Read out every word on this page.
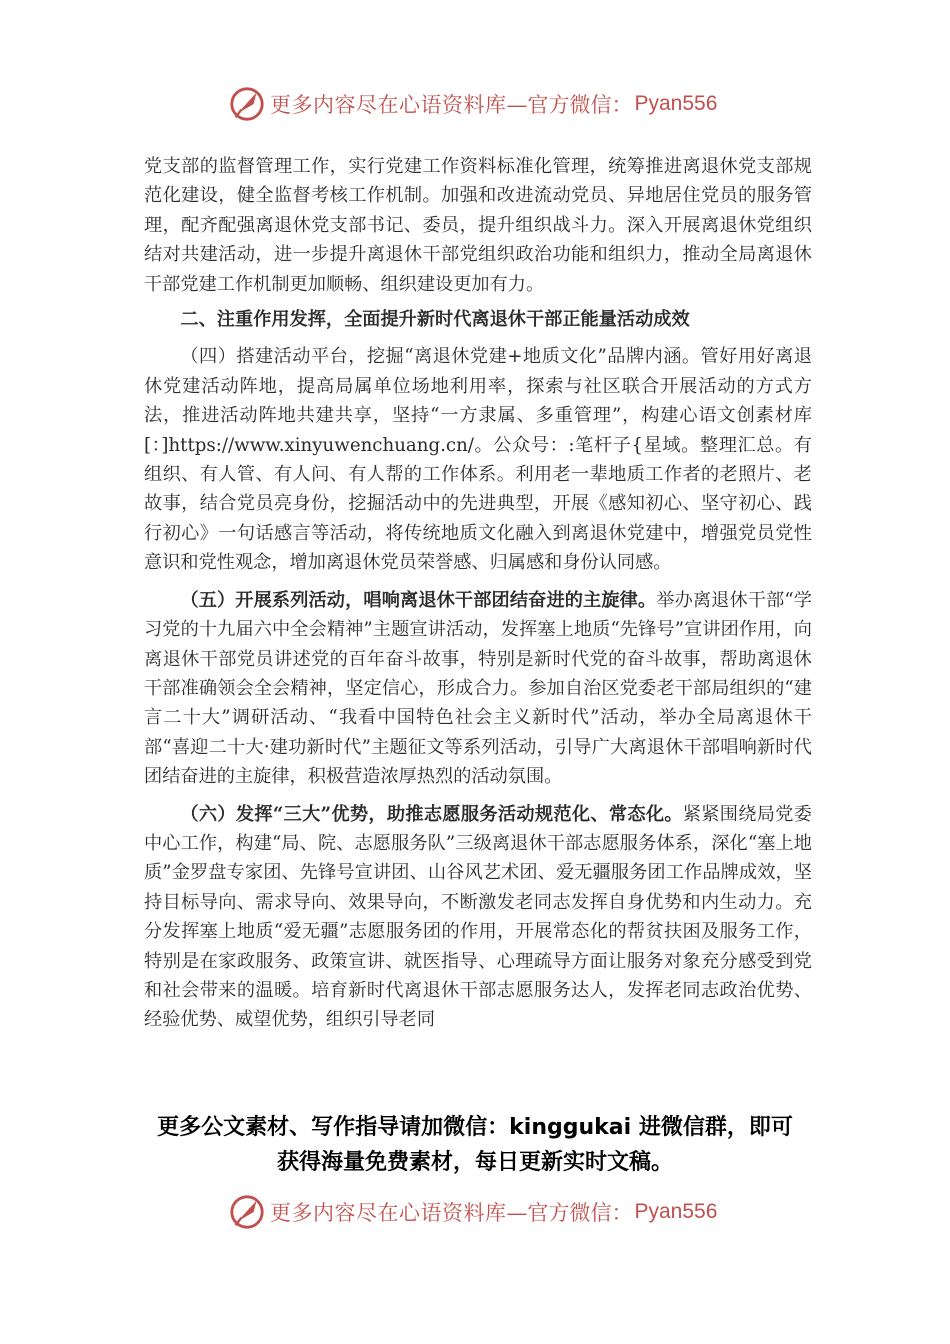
更多内容尽在心语资料库 —官方微信： Pyan556

党支部的监督管理工作，实行党建工作资料标准化管理，统筹推进离退休党支部规范化建设，健全监督考核工作机制。加强和改进流动党员、异地居住党员的服务管理，配齐配强离退休党支部书记、委员，提升组织战斗力。深入开展离退休党组织结对共建活动，进一步提升离退休干部党组织政治功能和组织力，推动全局离退休干部党建工作机制更加顺畅、组织建设更加有力。

二、注重作用发挥，全面提升新时代离退休干部正能量活动成效

（四）搭建活动平台，挖掘“离退休党建+地质文化”品牌内涵。管好用好离退休党建活动阵地，提高局属单位场地利用率，探索与社区联合开展活动的方式方法，推进活动阵地共建共享，坚持“一方隶属、多重管理”，构建心语文创素材库[：]https://www.xinyuwenchuang.cn/。公众号：:笔杆子{星域。整理汇总。有组织、有人管、有人问、有人帮的工作体系。利用老一辈地质工作者的老照片、老故事，结合党员亮身份，挖掘活动中的先进典型，开展《感知初心、坚守初心、践行初心》一句话感言等活动，将传统地质文化融入到离退休党建中，增强党员党性意识和党性观念，增加离退休党员荣誉感、归属感和身份认同感。

（五）开展系列活动，唱响离退休干部团结奋进的主旋律。举办离退休干部“学习党的十九届六中全会精神”主题宣讲活动，发挥塞上地质“先锋号”宣讲团作用，向离退休干部党员讲述党的百年奋斗故事，特别是新时代党的奋斗故事，帮助离退休干部准确领会全会精神，坚定信心，形成合力。参加自治区党委老干部局组织的“建言二十大”调研活动、“我看中国特色社会主义新时代”活动，举办全局离退休干部“喜迎二十大·建功新时代”主题征文等系列活动，引导广大离退休干部唱响新时代团结奋进的主旋律，积极营造浓厚热烈的活动氛围。

（六）发挥“三大”优势，助推志愿服务活动规范化、常态化。紧紧围绕局党委中心工作，构建“局、院、志愿服务队”三级离退休干部志愿服务体系，深化“塞上地质”金罗盘专家团、先锋号宣讲团、山谷风艺术团、爱无疆服务团工作品牌成效，坚持目标导向、需求导向、效果导向，不断激发老同志发挥自身优势和内生动力。充分发挥塞上地质“爱无疆”志愿服务团的作用，开展常态化的帮贫扶困及服务工作，特别是在家政服务、政策宣讲、就医指导、心理疏导方面让服务对象充分感受到党和社会带来的温暖。培育新时代离退休干部志愿服务达人，发挥老同志政治优势、经验优势、威望优势，组织引导老同

更多公文素材、写作指导请加微信：kinggukai 进微信群，即可
获得海量免费素材，每日更新实时文稿。
更多内容尽在心语资料库 —官方微信： Pyan556
